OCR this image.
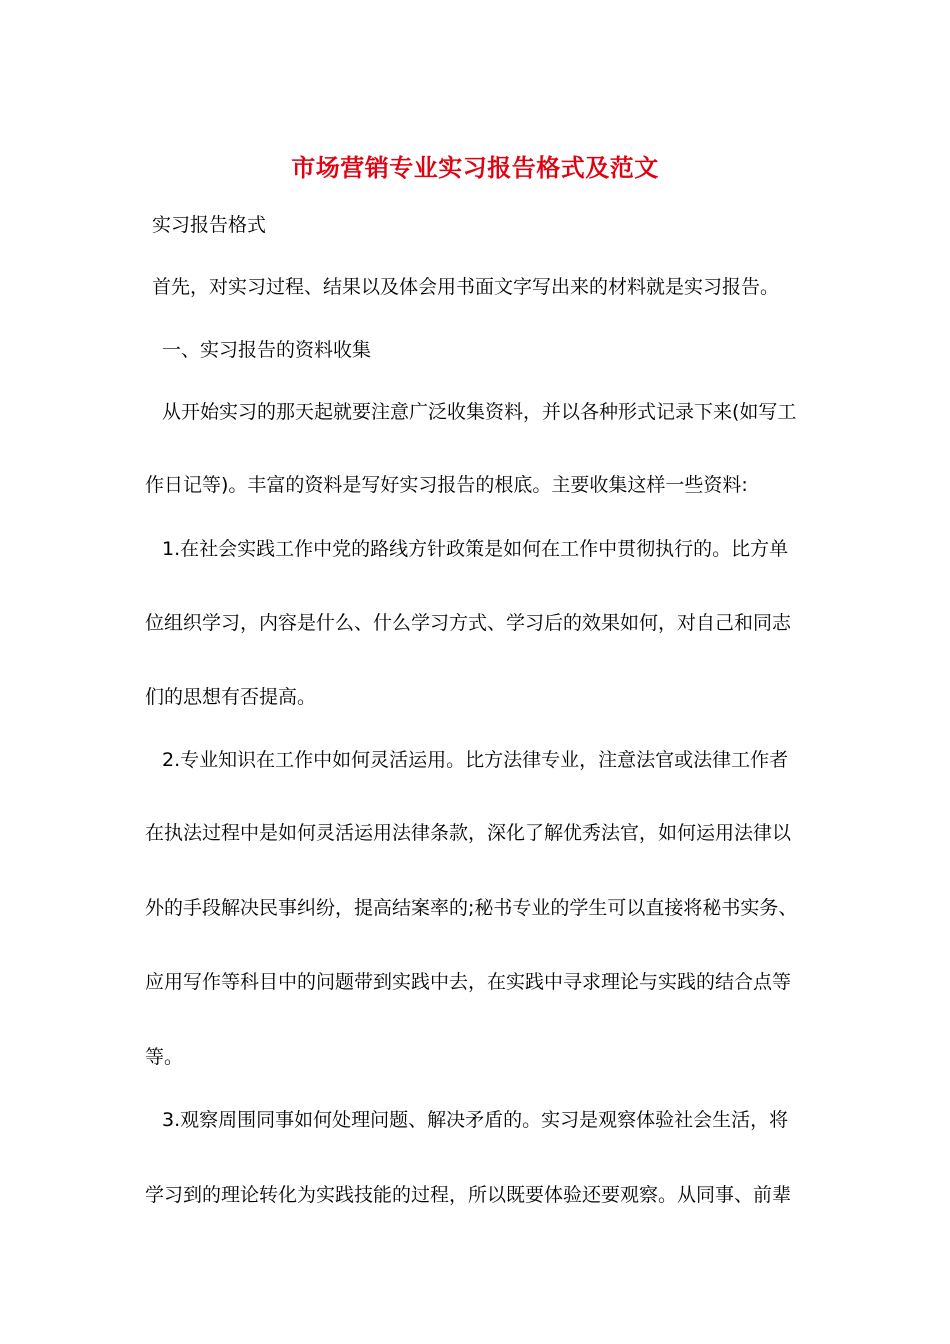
市场营销专业实习报告格式及范文
实习报告格式
首先，对实习过程、结果以及体会用书面文字写出来的材料就是实习报告。
一、实习报告的资料收集
从开始实习的那天起就要注意广泛收集资料，并以各种形式记录下来(如写工
作日记等)。丰富的资料是写好实习报告的根底。主要收集这样一些资料:
1.在社会实践工作中党的路线方针政策是如何在工作中贯彻执行的。比方单
位组织学习，内容是什么、什么学习方式、学习后的效果如何，对自己和同志
们的思想有否提高。
2.专业知识在工作中如何灵活运用。比方法律专业，注意法官或法律工作者
在执法过程中是如何灵活运用法律条款，深化了解优秀法官，如何运用法律以
外的手段解决民事纠纷，提高结案率的;秘书专业的学生可以直接将秘书实务、
应用写作等科目中的问题带到实践中去，在实践中寻求理论与实践的结合点等
等。
3.观察周围同事如何处理问题、解决矛盾的。实习是观察体验社会生活，将
学习到的理论转化为实践技能的过程，所以既要体验还要观察。从同事、前辈
